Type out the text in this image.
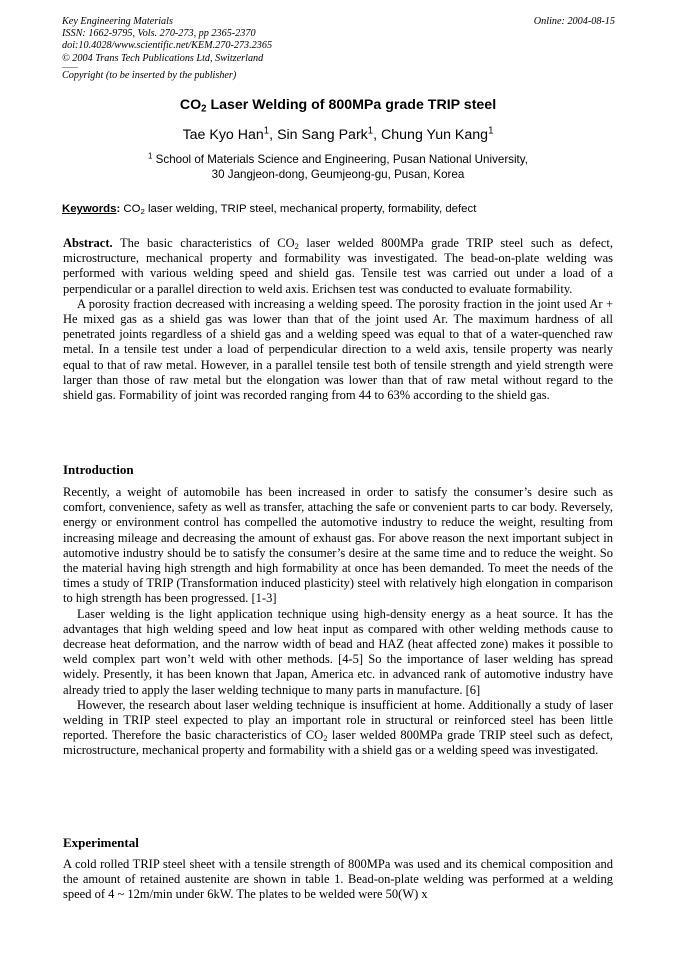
Key Engineering Materials
ISSN: 1662-9795, Vols. 270-273, pp 2365-2370
doi:10.4028/www.scientific.net/KEM.270-273.2365
© 2004 Trans Tech Publications Ltd, Switzerland
Copyright (to be inserted by the publisher)
Online: 2004-08-15
$CO_2$ Laser Welding of 800MPa grade TRIP steel
Tae Kyo Han$^1$, Sin Sang Park$^1$, Chung Yun Kang$^1$
$^1$ School of Materials Science and Engineering, Pusan National University,
30 Jangjeon-dong, Geumjeong-gu, Pusan, Korea
Keywords: $CO_2$ laser welding, TRIP steel, mechanical property, formability, defect

Abstract. The basic characteristics of $CO_2$ laser welded 800MPa grade TRIP steel such as defect, microstructure, mechanical property and formability was investigated. The bead-on-plate welding was performed with various welding speed and shield gas. Tensile test was carried out under a load of a perpendicular or a parallel direction to weld axis. Erichsen test was conducted to evaluate formability.

A porosity fraction decreased with increasing a welding speed. The porosity fraction in the joint used Ar + He mixed gas as a shield gas was lower than that of the joint used Ar. The maximum hardness of all penetrated joints regardless of a shield gas and a welding speed was equal to that of a water-quenched raw metal. In a tensile test under a load of perpendicular direction to a weld axis, tensile property was nearly equal to that of raw metal. However, in a parallel tensile test both of tensile strength and yield strength were larger than those of raw metal but the elongation was lower than that of raw metal without regard to the shield gas. Formability of joint was recorded ranging from 44 to 63% according to the shield gas.

Introduction

Recently, a weight of automobile has been increased in order to satisfy the consumer’s desire such as comfort, convenience, safety as well as transfer, attaching the safe or convenient parts to car body. Reversely, energy or environment control has compelled the automotive industry to reduce the weight, resulting from increasing mileage and decreasing the amount of exhaust gas. For above reason the next important subject in automotive industry should be to satisfy the consumer’s desire at the same time and to reduce the weight. So the material having high strength and high formability at once has been demanded. To meet the needs of the times a study of TRIP (Transformation induced plasticity) steel with relatively high elongation in comparison to high strength has been progressed. [1-3]

Laser welding is the light application technique using high-density energy as a heat source. It has the advantages that high welding speed and low heat input as compared with other welding methods cause to decrease heat deformation, and the narrow width of bead and HAZ (heat affected zone) makes it possible to weld complex part won’t weld with other methods. [4-5] So the importance of laser welding has spread widely. Presently, it has been known that Japan, America etc. in advanced rank of automotive industry have already tried to apply the laser welding technique to many parts in manufacture. [6]

However, the research about laser welding technique is insufficient at home. Additionally a study of laser welding in TRIP steel expected to play an important role in structural or reinforced steel has been little reported. Therefore the basic characteristics of $CO_2$ laser welded 800MPa grade TRIP steel such as defect, microstructure, mechanical property and formability with a shield gas or a welding speed was investigated.

Experimental

A cold rolled TRIP steel sheet with a tensile strength of 800MPa was used and its chemical composition and the amount of retained austenite are shown in table 1. Bead-on-plate welding was performed at a welding speed of 4 ~ 12m/min under 6kW. The plates to be welded were 50(W) x
